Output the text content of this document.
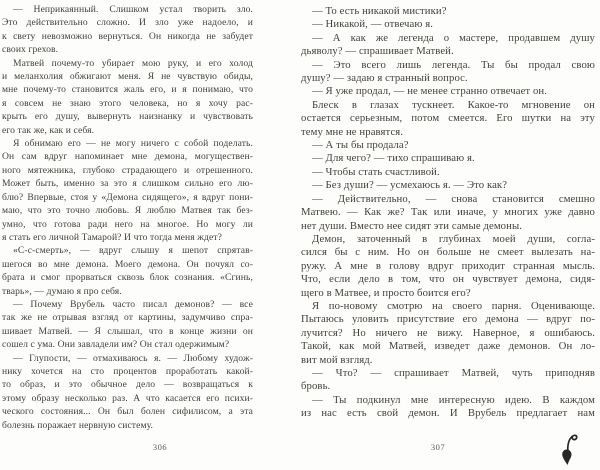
— Неприкаянный. Слишком устал творить зло.
Это действительно сложно. И зло уже надоело, и
к свету невозможно вернуться. Он никогда не забудет
своих грехов.
Матвей почему-то убирает мою руку, и его холод
и меланхолия обжигают меня. Я не чувствую обиды,
мне почему-то становится жаль его, и я понимаю, что
я совсем не знаю этого человека, но я хочу рас-
крыть его душу, вывернуть наизнанку и чувствовать
его так же, как и себя.
Я обнимаю его — не могу ничего с собой поделать.
Он сам вдруг напоминает мне демона, могуществен-
ного мятежника, глубоко страдающего и отрешенного.
Может быть, именно за это я слишком сильно его лю-
блю? Впервые, стоя у «Демона сидящего», я вдруг пони-
маю, что это точно любовь. Я люблю Матвея так без-
умно, что готова ради него на многое. Но могу ли
я стать его личной Тамарой? И что тогда меня ждет?
«С-с-смерть», — вдруг слышу я шепот спрятав-
шегося во мне демона. Моего демона. Он почуял со-
брата и смог прорваться сквозь блок сознания. «Сгинь,
тварь», — думаю я про себя.
— Почему Врубель часто писал демонов? — все
так же не отрывая взгляд от картины, задумчиво спра-
шивает Матвей. — Я слышал, что в конце жизни он
сошел с ума. Они завладели им? Он стал одержимым?
— Глупости, — отмахиваюсь я. — Любому худож-
нику хочется на сто процентов проработать какой-
то образ, и это обычное дело — возвращаться к
этому образу несколько раз. А что касается его психи-
ческого состояния... Он был болен сифилисом, а эта
болезнь поражает нервную систему.
— То есть никакой мистики?
— Никакой, — отвечаю я.
— А как же легенда о мастере, продавшем душу
дьяволу? — спрашивает Матвей.
— Это всего лишь легенда. Ты бы продал свою
душу? — задаю я странный вопрос.
— Я уже продал, — не менее странно отвечает он.
Блеск в глазах тускнеет. Какое-то мгновение он
остается серьезным, потом смеется. Его шутки на эту
тему мне не нравятся.
— А ты бы продала?
— Для чего? — тихо спрашиваю я.
— Чтобы стать счастливой.
— Без души? — усмехаюсь я. — Это как?
— Действительно, — снова становится смешно
Матвею. — Как же? Так или иначе, у многих уже давно
нет души. Вместо нее сидят эти самые демоны.
Демон, заточенный в глубинах моей души, согла-
сился бы с ним. Но он больше не смеет вылезать на-
ружу. А мне в голову вдруг приходит странная мысль.
Что, если дело в том, что он чувствует демона, сидя-
щего в Матвее, и просто боится его?
Я по-новому смотрю на своего парня. Оценивающе.
Пытаюсь уловить присутствие его демона — вдруг по-
лучится? Но ничего не вижу. Наверное, я ошибаюсь.
Такой, как мой Матвей, изведет даже демонов. Он ло-
вит мой взгляд.
— Что? — спрашивает Матвей, чуть приподняв
бровь.
— Ты подкинул мне интересную идею. В каждом
из нас есть свой демон. И Врубель предлагает нам
306	307
